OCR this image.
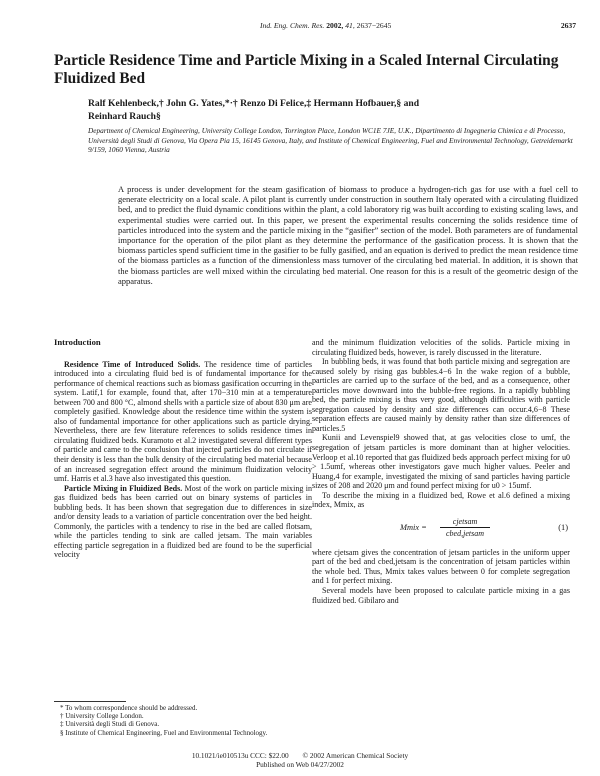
Ind. Eng. Chem. Res. 2002, 41, 2637−2645	2637
Particle Residence Time and Particle Mixing in a Scaled Internal Circulating Fluidized Bed
Ralf Kehlenbeck,† John G. Yates,*·† Renzo Di Felice,‡ Hermann Hofbauer,§ and
Reinhard Rauch§

Department of Chemical Engineering, University College London, Torrington Place, London WC1E 7JE, U.K., Dipartimento di Ingegneria Chimica e di Processo, Università degli Studi di Genova, Via Opera Pia 15, 16145 Genova, Italy, and Institute of Chemical Engineering, Fuel and Environmental Technology, Getreidemarkt 9/159, 1060 Vienna, Austria

A process is under development for the steam gasification of biomass to produce a hydrogen-rich gas for use with a fuel cell to generate electricity on a local scale. A pilot plant is currently under construction in southern Italy operated with a circulating fluidized bed, and to predict the fluid dynamic conditions within the plant, a cold laboratory rig was built according to existing scaling laws, and experimental studies were carried out. In this paper, we present the experimental results concerning the solids residence time of particles introduced into the system and the particle mixing in the “gasifier” section of the model. Both parameters are of fundamental importance for the operation of the pilot plant as they determine the performance of the gasification process. It is shown that the biomass particles spend sufficient time in the gasifier to be fully gasified, and an equation is derived to predict the mean residence time of the biomass particles as a function of the dimensionless mass turnover of the circulating bed material. In addition, it is shown that the biomass particles are well mixed within the circulating bed material. One reason for this is a result of the geometric design of the apparatus.

Introduction

Residence Time of Introduced Solids. The residence time of particles introduced into a circulating fluid bed is of fundamental importance for the performance of chemical reactions such as biomass gasification occurring in the system. Latif,1 for example, found that, after 170−310 min at a temperature between 700 and 800 °C, almond shells with a particle size of about 830 μm are completely gasified. Knowledge about the residence time within the system is also of fundamental importance for other applications such as particle drying. Nevertheless, there are few literature references to solids residence times in circulating fluidized beds. Kuramoto et al.2 investigated several different types of particle and came to the conclusion that injected particles do not circulate if their density is less than the bulk density of the circulating bed material because of an increased segregation effect around the minimum fluidization velocity umf. Harris et al.3 have also investigated this question.

Particle Mixing in Fluidized Beds. Most of the work on particle mixing in gas fluidized beds has been carried out on binary systems of particles in bubbling beds. It has been shown that segregation due to differences in size and/or density leads to a variation of particle concentration over the bed height. Commonly, the particles with a tendency to rise in the bed are called flotsam, while the particles tending to sink are called jetsam. The main variables effecting particle segregation in a fluidized bed are found to be the superficial velocity

and the minimum fluidization velocities of the solids. Particle mixing in circulating fluidized beds, however, is rarely discussed in the literature.

In bubbling beds, it was found that both particle mixing and segregation are caused solely by rising gas bubbles.4−6 In the wake region of a bubble, particles are carried up to the surface of the bed, and as a consequence, other particles move downward into the bubble-free regions. In a rapidly bubbling bed, the particle mixing is thus very good, although difficulties with particle segregation caused by density and size differences can occur.4,6−8 These separation effects are caused mainly by density rather than size differences of particles.5

Kunii and Levenspiel9 showed that, at gas velocities close to umf, the segregation of jetsam particles is more dominant than at higher velocities. Verloop et al.10 reported that gas fluidized beds approach perfect mixing for u0 > 1.5umf, whereas other investigators gave much higher values. Peeler and Huang,4 for example, investigated the mixing of sand particles having particle sizes of 208 and 2020 μm and found perfect mixing for u0 > 15umf.

To describe the mixing in a fluidized bed, Rowe et al.6 defined a mixing index, Mmix, as

Mmix =
cjetsam
cbed,jetsam
(1)

where cjetsam gives the concentration of jetsam particles in the uniform upper part of the bed and cbed,jetsam is the concentration of jetsam particles within the whole bed. Thus, Mmix takes values between 0 for complete segregation and 1 for perfect mixing.

Several models have been proposed to calculate particle mixing in a gas fluidized bed. Gibilaro and

* To whom correspondence should be addressed.

† University College London.

‡ Università degli Studi di Genova.

§ Institute of Chemical Engineering, Fuel and Environmental Technology.

10.1021/ie010513u CCC: $22.00 © 2002 American Chemical Society
Published on Web 04/27/2002
